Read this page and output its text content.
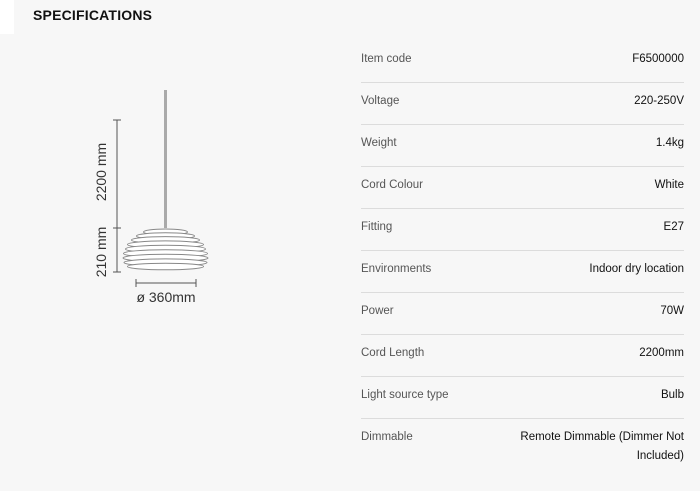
SPECIFICATIONS
2200 mm
210 mm
ø 360mm
Item code	F6500000
Voltage	220-250V
Weight	1.4kg
Cord Colour	White
Fitting	E27
Environments	Indoor dry location
Power	70W
Cord Length	2200mm
Light source type	Bulb
Dimmable	Remote Dimmable (Dimmer Not Included)
